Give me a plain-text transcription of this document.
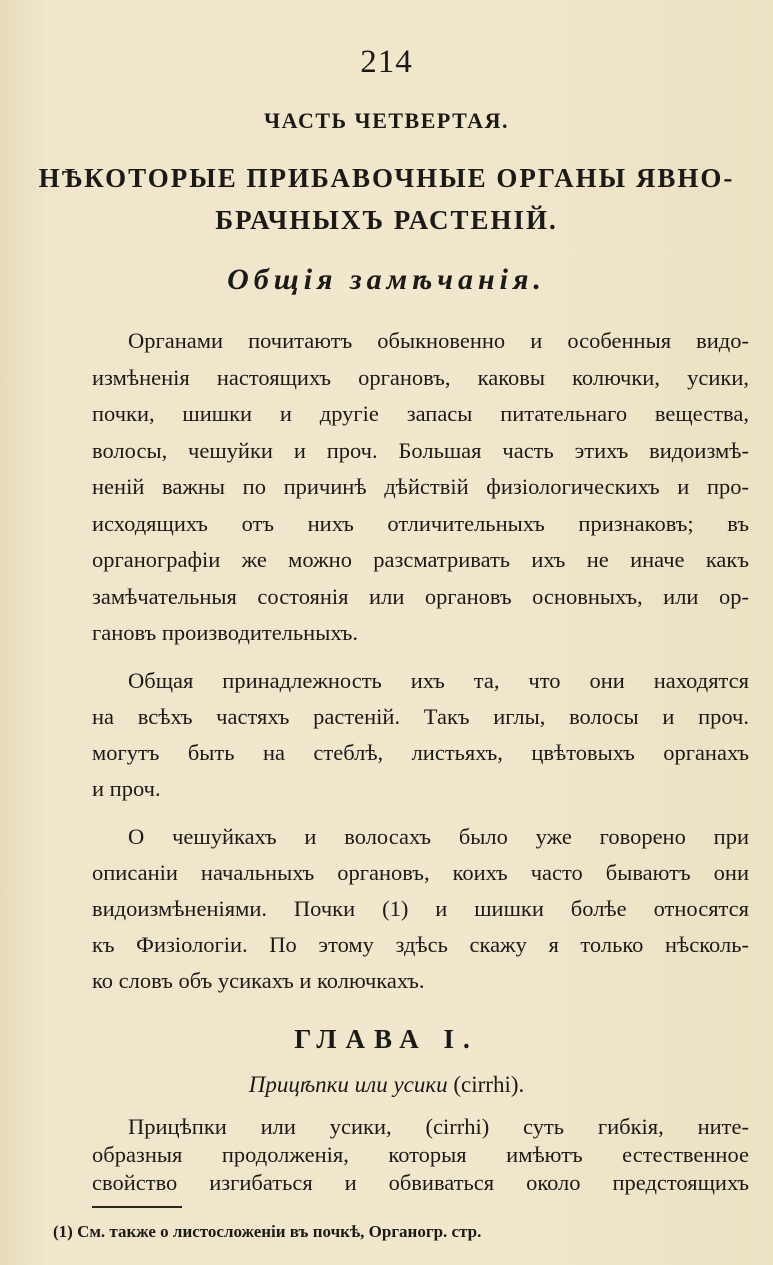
214
ЧАСТЬ ЧЕТВЕРТАЯ.
НѢКОТОРЫЕ ПРИБАВОЧНЫЕ ОРГАНЫ ЯВНО-
БРАЧНЫХЪ РАСТЕНІЙ.
Общія замѣчанія.
Органами почитаютъ обыкновенно и особенныя видо-
измѣненія настоящихъ органовъ, каковы колючки, усики,
почки, шишки и другіе запасы питательнаго вещества,
волосы, чешуйки и проч. Большая часть этихъ видоизмѣ-
неній важны по причинѣ дѣйствій физіологическихъ и про-
исходящихъ отъ нихъ отличительныхъ признаковъ; въ
органографіи же можно разсматривать ихъ не иначе какъ
замѣчательныя состоянія или органовъ основныхъ, или ор-
гановъ производительныхъ.
Общая принадлежность ихъ та, что они находятся
на всѣхъ частяхъ растеній. Такъ иглы, волосы и проч.
могутъ быть на стеблѣ, листьяхъ, цвѣтовыхъ органахъ
и проч.
О чешуйкахъ и волосахъ было уже говорено при
описаніи начальныхъ органовъ, коихъ часто бываютъ они
видоизмѣненіями. Почки (1) и шишки болѣе относятся
къ Физіологіи. По этому здѣсь скажу я только нѣсколь-
ко словъ объ усикахъ и колючкахъ.
ГЛАВА I.
Прицѣпки или усики (cirrhi).
Прицѣпки или усики, (cirrhi) суть гибкія, ните-
образныя продолженія, которыя имѣютъ естественное
свойство изгибаться и обвиваться около предстоящихъ
(1) См. также о листосложеніи въ почкѣ, Органогр. стр.
